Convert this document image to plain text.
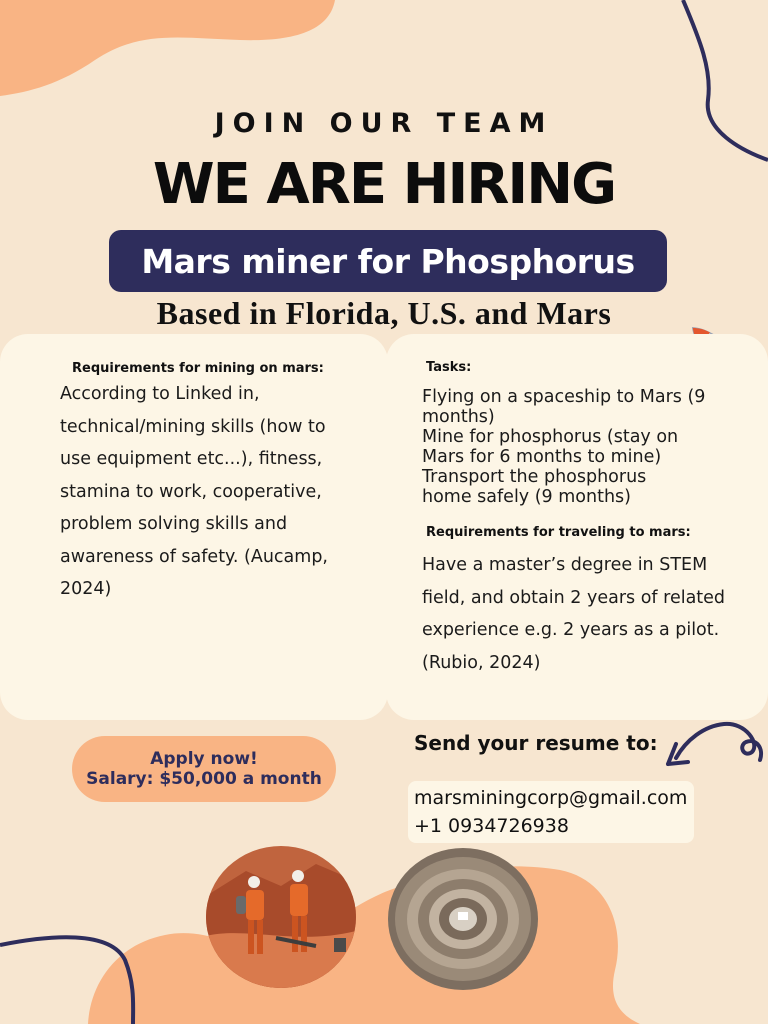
JOIN OUR TEAM
WE ARE HIRING
Mars miner for Phosphorus
Based in Florida, U.S. and Mars
Requirements for mining on mars:
According to Linked in,
technical/mining skills (how to
use equipment etc...), fitness,
stamina to work, cooperative,
problem solving skills and
awareness of safety. (Aucamp,
2024)
Tasks:
Flying on a spaceship to Mars (9
months)
Mine for phosphorus (stay on
Mars for 6 months to mine)
Transport the phosphorus
home safely (9 months)
Requirements for traveling to mars:
Have a master’s degree in STEM
field, and obtain 2 years of related
experience e.g. 2 years as a pilot.
(Rubio, 2024)
Apply now!
Salary: $50,000 a month
Send your resume to:
marsminingcorp@gmail.com
+1 0934726938
